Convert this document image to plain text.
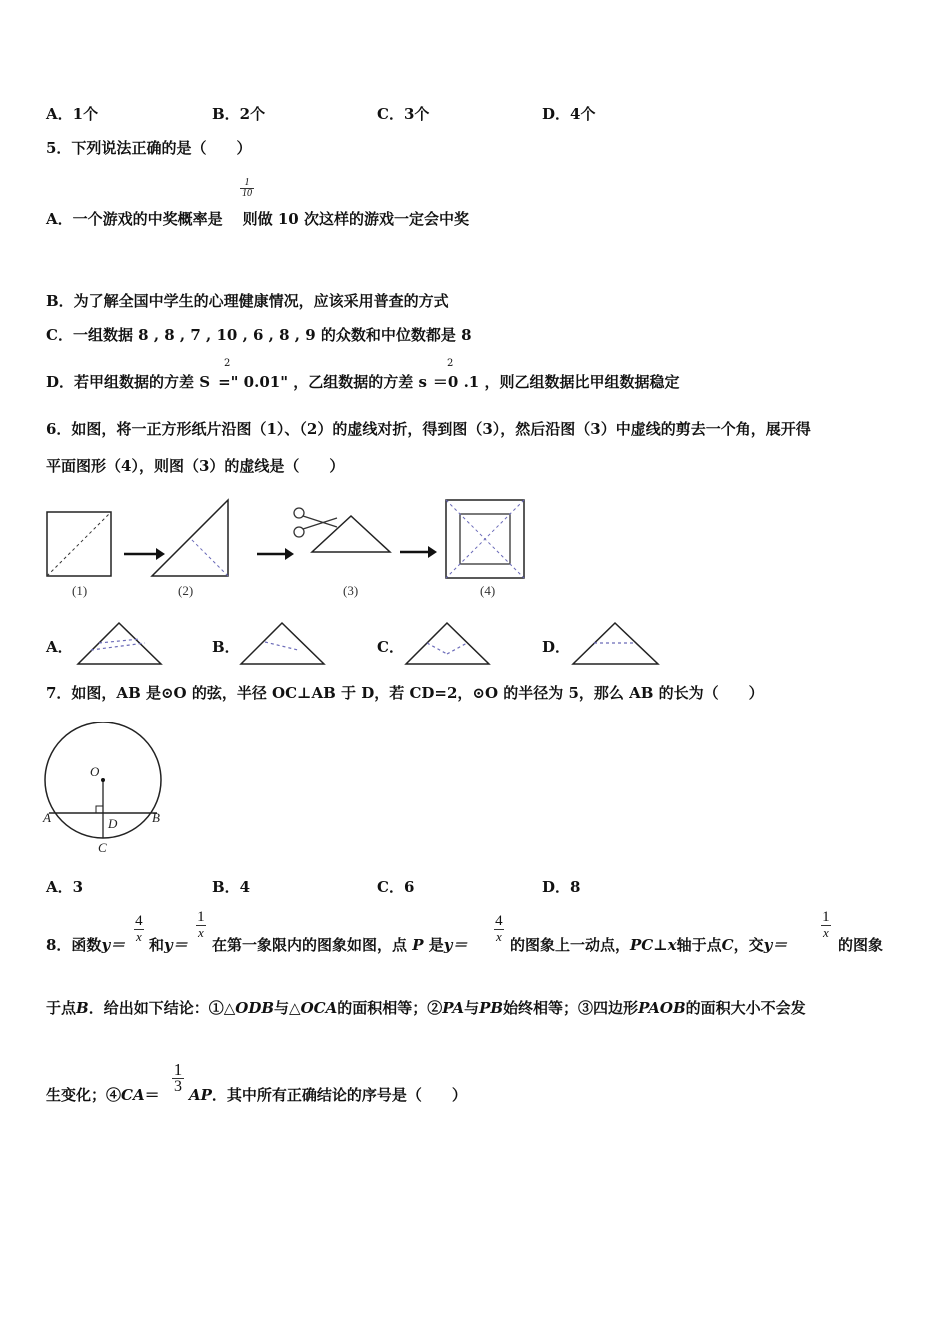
A．1个	B．2个	C．3个	D．4个
5．下列说法正确的是（　　）
A．一个游戏的中奖概率是 则做 10 次这样的游戏一定会中奖
$\frac{1}{10}$
B．为了解全国中学生的心理健康情况，应该采用普查的方式
C．一组数据 8 , 8 , 7 , 10 , 6 , 8 , 9 的众数和中位数都是 8
D．若甲组数据的方差 S =" 0.01" ，乙组数据的方差 s ＝0 .1 ，则乙组数据比甲组数据稳定
2	2
6．如图，将一正方形纸片沿图（1）、（2）的虚线对折，得到图（3），然后沿图（3）中虚线的剪去一个角，展开得
平面图形（4），则图（3）的虚线是（　　）
(1)	(2)	(3)	(4)
A．	B．	C．	D．
7．如图，AB 是⊙O 的弦，半径 OC⊥AB 于 D，若 CD=2，⊙O 的半径为 5，那么 AB 的长为（　　）
O
A	B
D
C
A．3	B．4	C．6	D．8
8．函数y＝
$\frac{4}{x}$
和y＝
$\frac{1}{x}$
在第一象限内的图象如图，点 P 是y＝
$\frac{4}{x}$
的图象上一动点，PC⊥x轴于点C，交y＝
$\frac{1}{x}$
的图象
于点B．给出如下结论：①△ODB与△OCA的面积相等；②PA与PB始终相等；③四边形PAOB的面积大小不会发
生变化；④CA＝ $\frac{1}{3}$ AP．其中所有正确结论的序号是（　　）
